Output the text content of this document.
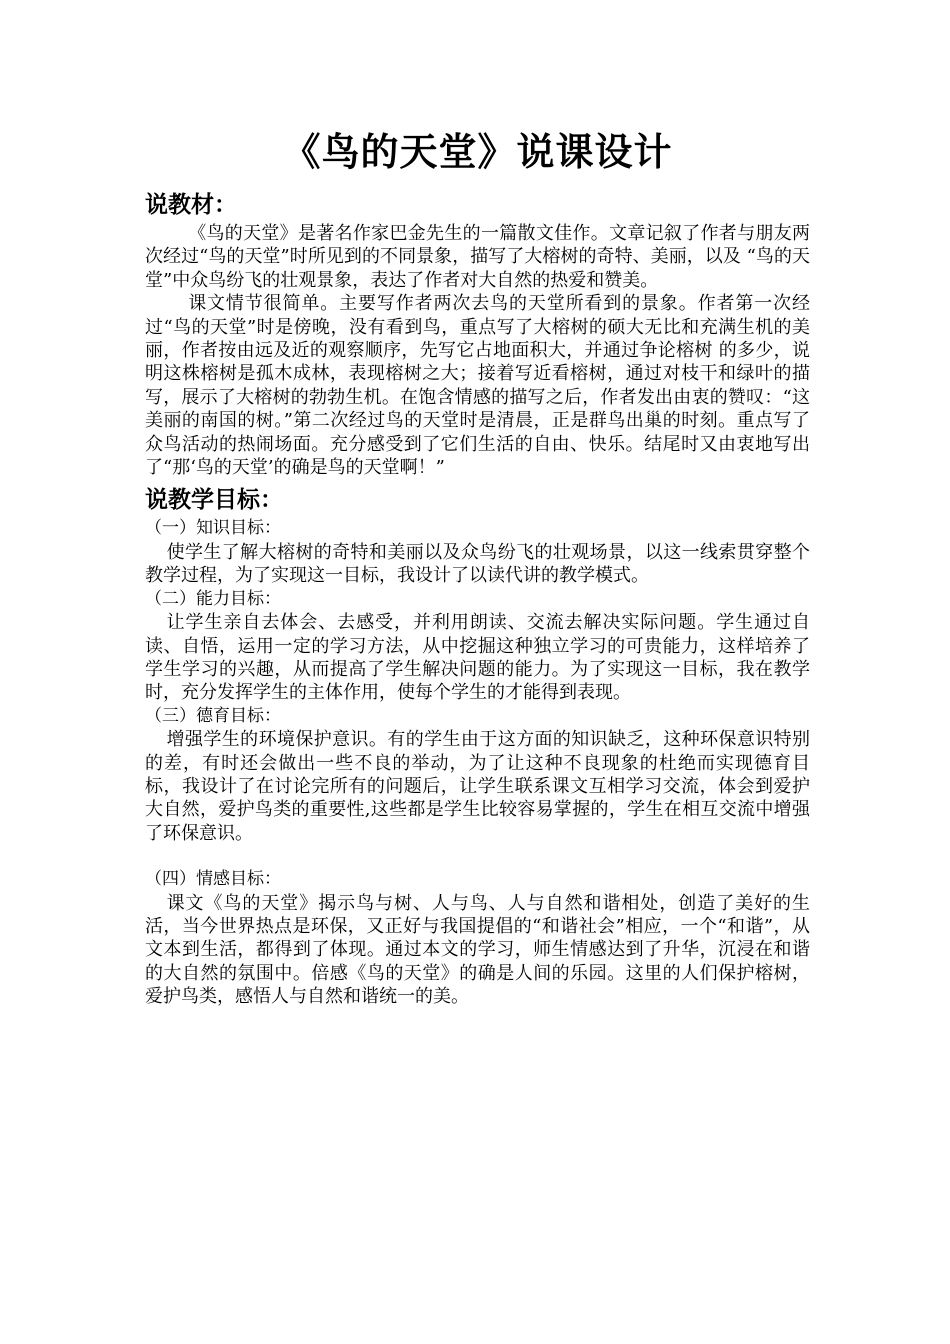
《鸟的天堂》说课设计
说教材：

《鸟的天堂》是著名作家巴金先生的一篇散文佳作。文章记叙了作者与朋友两次经过“鸟的天堂”时所见到的不同景象，描写了大榕树的奇特、美丽，以及 “鸟的天堂”中众鸟纷飞的壮观景象，表达了作者对大自然的热爱和赞美。

课文情节很简单。主要写作者两次去鸟的天堂所看到的景象。作者第一次经过“鸟的天堂”时是傍晚，没有看到鸟，重点写了大榕树的硕大无比和充满生机的美丽，作者按由远及近的观察顺序，先写它占地面积大，并通过争论榕树 的多少，说明这株榕树是孤木成林，表现榕树之大；接着写近看榕树，通过对枝干和绿叶的描写，展示了大榕树的勃勃生机。在饱含情感的描写之后，作者发出由衷的赞叹：“这美丽的南国的树。”第二次经过鸟的天堂时是清晨，正是群鸟出巢的时刻。重点写了众鸟活动的热闹场面。充分感受到了它们生活的自由、快乐。结尾时又由衷地写出了“那‘鸟的天堂’的确是鸟的天堂啊！”

说教学目标：
（一）知识目标：

使学生了解大榕树的奇特和美丽以及众鸟纷飞的壮观场景，以这一线索贯穿整个教学过程，为了实现这一目标，我设计了以读代讲的教学模式。

（二）能力目标：

让学生亲自去体会、去感受，并利用朗读、交流去解决实际问题。学生通过自读、自悟，运用一定的学习方法，从中挖掘这种独立学习的可贵能力，这样培养了学生学习的兴趣，从而提高了学生解决问题的能力。为了实现这一目标，我在教学时，充分发挥学生的主体作用，使每个学生的才能得到表现。

（三）德育目标：

增强学生的环境保护意识。有的学生由于这方面的知识缺乏，这种环保意识特别的差，有时还会做出一些不良的举动，为了让这种不良现象的杜绝而实现德育目标，我设计了在讨论完所有的问题后，让学生联系课文互相学习交流，体会到爱护大自然，爱护鸟类的重要性,这些都是学生比较容易掌握的，学生在相互交流中增强了环保意识。

（四）情感目标：

课文《鸟的天堂》揭示鸟与树、人与鸟、人与自然和谐相处，创造了美好的生活，当今世界热点是环保，又正好与我国提倡的“和谐社会”相应，一个“和谐”，从文本到生活，都得到了体现。通过本文的学习，师生情感达到了升华，沉浸在和谐的大自然的氛围中。倍感《鸟的天堂》的确是人间的乐园。这里的人们保护榕树，爱护鸟类，感悟人与自然和谐统一的美。
